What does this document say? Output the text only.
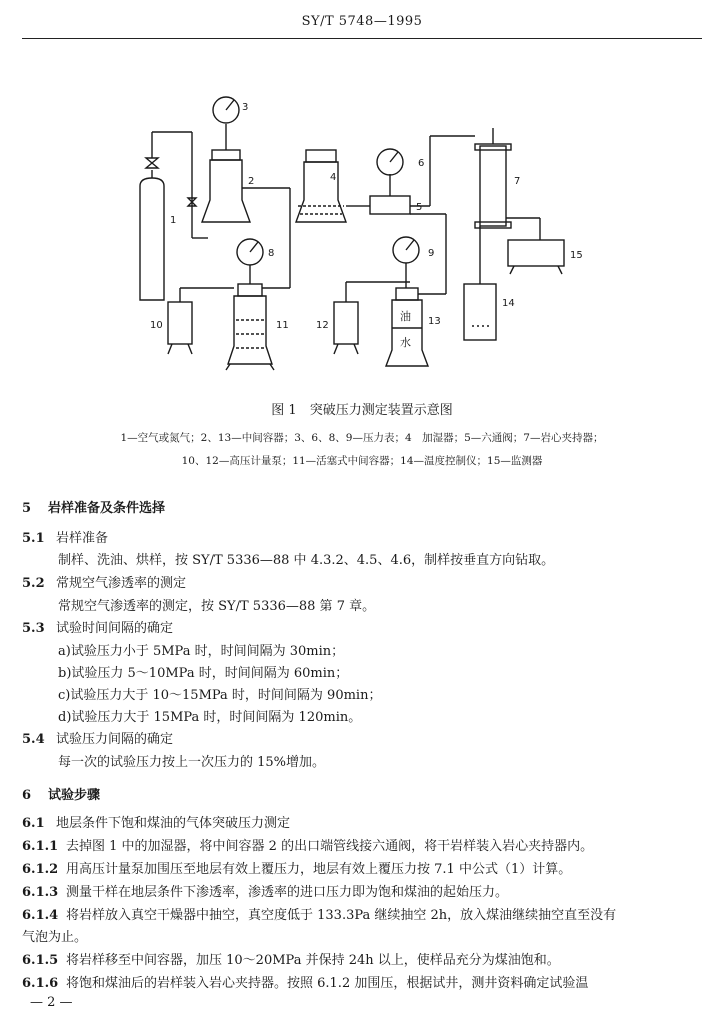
SY/T 5748—1995
油
水
1
2
3
4
5
6
7
8	9
10	11	12	13
14
15
图 1　突破压力测定装置示意图
1—空气或氮气；2、13—中间容器；3、6、8、9—压力表；4　加湿器；5—六通阀；7—岩心夹持器；
10、12—高压计量泵；11—活塞式中间容器；14—温度控制仪；15—监测器
5 岩样准备及条件选择
5.1 岩样准备
制样、洗油、烘样，按 SY/T 5336—88 中 4.3.2、4.5、4.6，制样按垂直方向钻取。
5.2 常规空气渗透率的测定
常规空气渗透率的测定，按 SY/T 5336—88 第 7 章。
5.3 试验时间间隔的确定
a)试验压力小于 5MPa 时，时间间隔为 30min；
b)试验压力 5～10MPa 时，时间间隔为 60min；
c)试验压力大于 10～15MPa 时，时间间隔为 90min；
d)试验压力大于 15MPa 时，时间间隔为 120min。
5.4 试验压力间隔的确定
每一次的试验压力按上一次压力的 15%增加。
6 试验步骤
6.1 地层条件下饱和煤油的气体突破压力测定
6.1.1 去掉图 1 中的加湿器，将中间容器 2 的出口端管线接六通阀，将干岩样装入岩心夹持器内。
6.1.2 用高压计量泵加围压至地层有效上覆压力，地层有效上覆压力按 7.1 中公式（1）计算。
6.1.3 测量干样在地层条件下渗透率，渗透率的进口压力即为饱和煤油的起始压力。
6.1.4 将岩样放入真空干燥器中抽空，真空度低于 133.3Pa 继续抽空 2h，放入煤油继续抽空直至没有
气泡为止。
6.1.5 将岩样移至中间容器，加压 10～20MPa 并保持 24h 以上，使样品充分为煤油饱和。
6.1.6 将饱和煤油后的岩样装入岩心夹持器。按照 6.1.2 加围压，根据试井，测井资料确定试验温
— 2 —
